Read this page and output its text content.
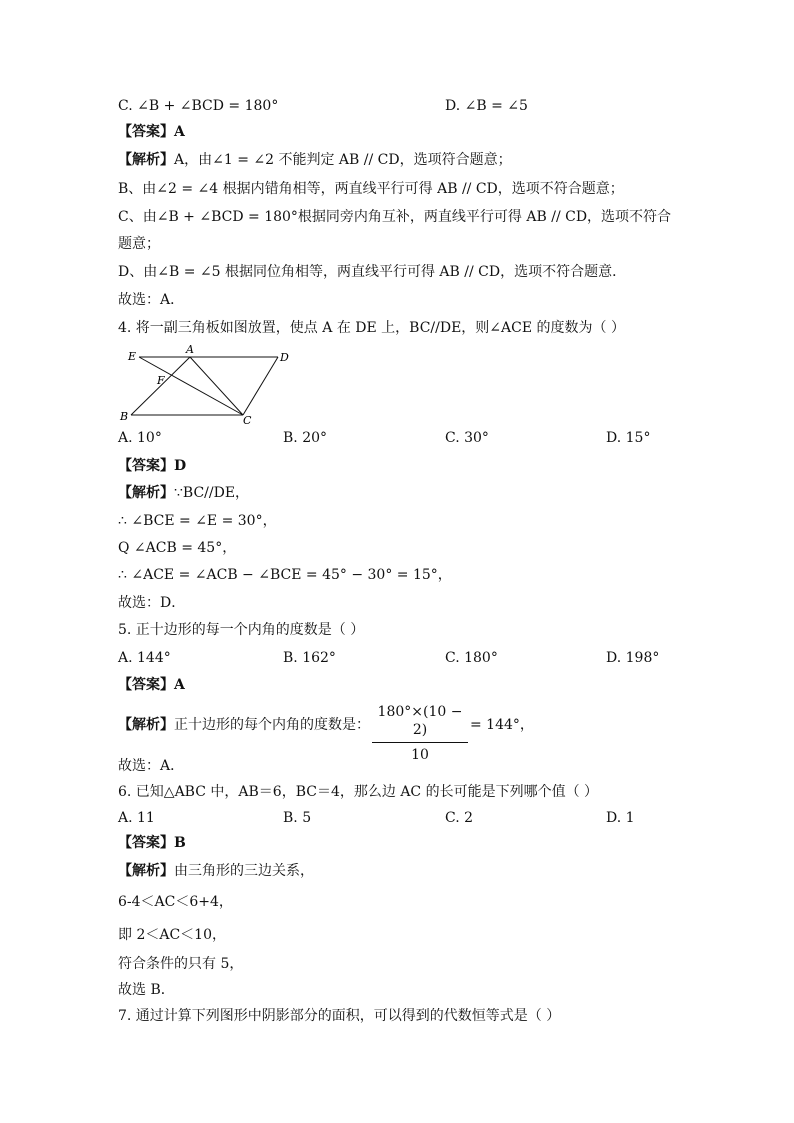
C. ∠B + ∠BCD = 180°	D. ∠B = ∠5
【答案】A
【解析】A，由∠1 = ∠2 不能判定 AB // CD，选项符合题意；
B、由∠2 = ∠4 根据内错角相等，两直线平行可得 AB // CD，选项不符合题意；
C、由∠B + ∠BCD = 180°根据同旁内角互补，两直线平行可得 AB // CD，选项不符合
题意；
D、由∠B = ∠5 根据同位角相等，两直线平行可得 AB // CD，选项不符合题意．
故选：A．
4. 将一副三角板如图放置，使点 A 在 DE 上，BC//DE，则∠ACE 的度数为（ ）
E
A
D
F
B	C
A. 10°	B. 20°	C. 30°	D. 15°
【答案】D
【解析】∵BC//DE，
∴ ∠BCE = ∠E = 30°，
Q ∠ACB = 45°，
∴ ∠ACE = ∠ACB − ∠BCE = 45° − 30° = 15°，
故选：D．
5. 正十边形的每一个内角的度数是（ ）
A. 144°	B. 162°	C. 180°	D. 198°
【答案】A
【解析】正十边形的每个内角的度数是：
180°×(10 − 2)
10
= 144°，
故选：A．
6. 已知△ABC 中，AB＝6，BC＝4，那么边 AC 的长可能是下列哪个值（ ）
A. 11	B. 5	C. 2	D. 1
【答案】B
【解析】由三角形的三边关系，
6-4＜AC＜6+4，
即 2＜AC＜10，
符合条件的只有 5，
故选 B．
7. 通过计算下列图形中阴影部分的面积，可以得到的代数恒等式是（ ）
